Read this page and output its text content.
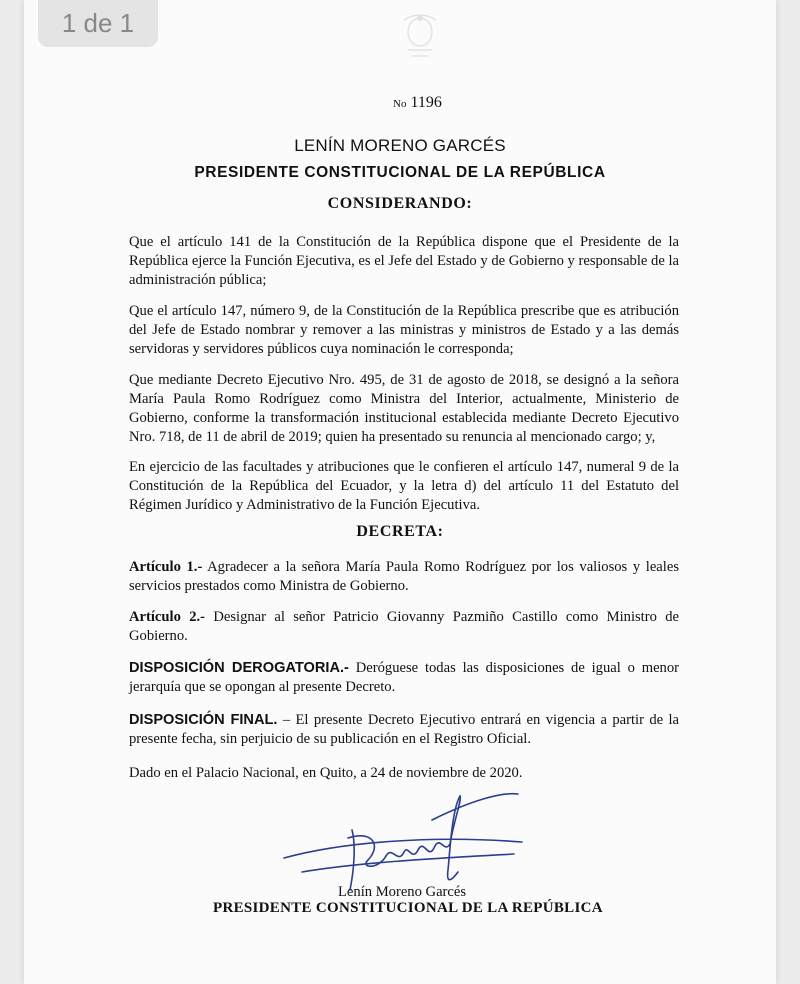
1 de 1
No 1196
LENÍN MORENO GARCÉS
PRESIDENTE CONSTITUCIONAL DE LA REPÚBLICA
CONSIDERANDO:
Que el artículo 141 de la Constitución de la República dispone que el Presidente de la República ejerce la Función Ejecutiva, es el Jefe del Estado y de Gobierno y responsable de la administración pública;
Que el artículo 147, número 9, de la Constitución de la República prescribe que es atribución del Jefe de Estado nombrar y remover a las ministras y ministros de Estado y a las demás servidoras y servidores públicos cuya nominación le corresponda;
Que mediante Decreto Ejecutivo Nro. 495, de 31 de agosto de 2018, se designó a la señora María Paula Romo Rodríguez como Ministra del Interior, actualmente, Ministerio de Gobierno, conforme la transformación institucional establecida mediante Decreto Ejecutivo Nro. 718, de 11 de abril de 2019; quien ha presentado su renuncia al mencionado cargo; y,
En ejercicio de las facultades y atribuciones que le confieren el artículo 147, numeral 9 de la Constitución de la República del Ecuador, y la letra d) del artículo 11 del Estatuto del Régimen Jurídico y Administrativo de la Función Ejecutiva.
DECRETA:
Artículo 1.- Agradecer a la señora María Paula Romo Rodríguez por los valiosos y leales servicios prestados como Ministra de Gobierno.
Artículo 2.- Designar al señor Patricio Giovanny Pazmiño Castillo como Ministro de Gobierno.
DISPOSICIÓN DEROGATORIA.- Deróguese todas las disposiciones de igual o menor jerarquía que se opongan al presente Decreto.
DISPOSICIÓN FINAL. – El presente Decreto Ejecutivo entrará en vigencia a partir de la presente fecha, sin perjuicio de su publicación en el Registro Oficial.
Dado en el Palacio Nacional, en Quito, a 24 de noviembre de 2020.
Lenín Moreno Garcés
PRESIDENTE CONSTITUCIONAL DE LA REPÚBLICA
